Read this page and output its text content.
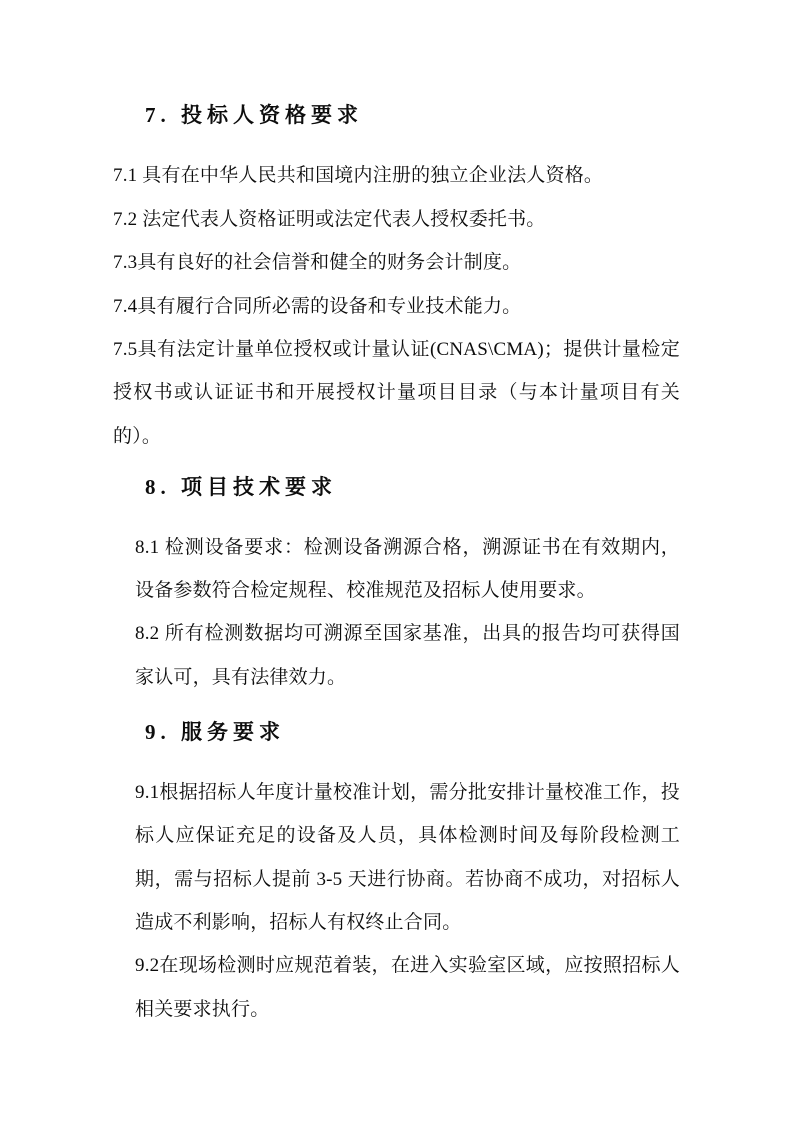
7. 投标人资格要求

7.1 具有在中华人民共和国境内注册的独立企业法人资格。

7.2 法定代表人资格证明或法定代表人授权委托书。

7.3具有良好的社会信誉和健全的财务会计制度。

7.4具有履行合同所必需的设备和专业技术能力。

7.5具有法定计量单位授权或计量认证(CNAS\CMA)；提供计量检定授权书或认证证书和开展授权计量项目目录（与本计量项目有关的）。

8. 项目技术要求

8.1 检测设备要求：检测设备溯源合格，溯源证书在有效期内，设备参数符合检定规程、校准规范及招标人使用要求。

8.2 所有检测数据均可溯源至国家基准，出具的报告均可获得国家认可，具有法律效力。

9. 服务要求

9.1根据招标人年度计量校准计划，需分批安排计量校准工作，投标人应保证充足的设备及人员，具体检测时间及每阶段检测工期，需与招标人提前 3-5 天进行协商。若协商不成功，对招标人造成不利影响，招标人有权终止合同。

9.2在现场检测时应规范着装，在进入实验室区域，应按照招标人相关要求执行。
